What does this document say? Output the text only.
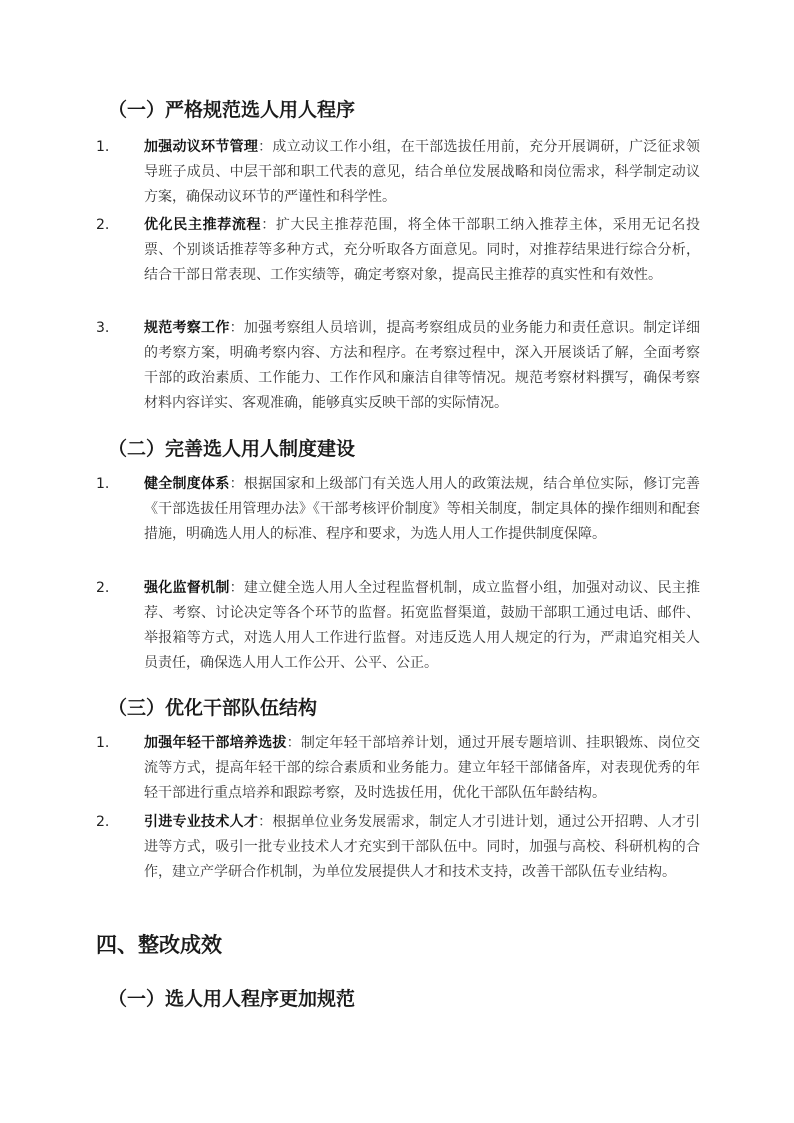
（一）严格规范选人用人程序
1. 加强动议环节管理：成立动议工作小组，在干部选拔任用前，充分开展调研，广泛征求领导班子成员、中层干部和职工代表的意见，结合单位发展战略和岗位需求，科学制定动议方案，确保动议环节的严谨性和科学性。
2. 优化民主推荐流程：扩大民主推荐范围，将全体干部职工纳入推荐主体，采用无记名投票、个别谈话推荐等多种方式，充分听取各方面意见。同时，对推荐结果进行综合分析，结合干部日常表现、工作实绩等，确定考察对象，提高民主推荐的真实性和有效性。
3. 规范考察工作：加强考察组人员培训，提高考察组成员的业务能力和责任意识。制定详细的考察方案，明确考察内容、方法和程序。在考察过程中，深入开展谈话了解，全面考察干部的政治素质、工作能力、工作作风和廉洁自律等情况。规范考察材料撰写，确保考察材料内容详实、客观准确，能够真实反映干部的实际情况。
（二）完善选人用人制度建设
1. 健全制度体系：根据国家和上级部门有关选人用人的政策法规，结合单位实际，修订完善《干部选拔任用管理办法》《干部考核评价制度》等相关制度，制定具体的操作细则和配套措施，明确选人用人的标准、程序和要求，为选人用人工作提供制度保障。
2. 强化监督机制：建立健全选人用人全过程监督机制，成立监督小组，加强对动议、民主推荐、考察、讨论决定等各个环节的监督。拓宽监督渠道，鼓励干部职工通过电话、邮件、举报箱等方式，对选人用人工作进行监督。对违反选人用人规定的行为，严肃追究相关人员责任，确保选人用人工作公开、公平、公正。
（三）优化干部队伍结构
1. 加强年轻干部培养选拔：制定年轻干部培养计划，通过开展专题培训、挂职锻炼、岗位交流等方式，提高年轻干部的综合素质和业务能力。建立年轻干部储备库，对表现优秀的年轻干部进行重点培养和跟踪考察，及时选拔任用，优化干部队伍年龄结构。
2. 引进专业技术人才：根据单位业务发展需求，制定人才引进计划，通过公开招聘、人才引进等方式，吸引一批专业技术人才充实到干部队伍中。同时，加强与高校、科研机构的合作，建立产学研合作机制，为单位发展提供人才和技术支持，改善干部队伍专业结构。
四、整改成效
（一）选人用人程序更加规范
